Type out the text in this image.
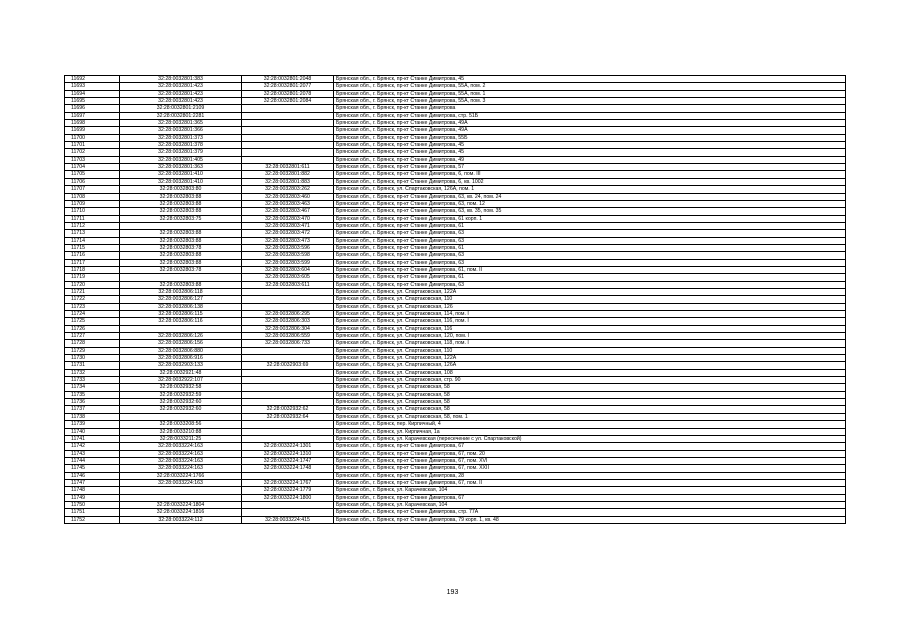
11692	32:28:0032801:383	32:28:0032801:2048	Брянская обл., г. Брянск, пр-кт Станке Димитрова, 45
11693	32:28:0032801:423	32:28:0032801:2077	Брянская обл., г. Брянск, пр-кт Станке Димитрова, 55А, пом. 2
11694	32:28:0032801:423	32:28:0032801:2078	Брянская обл., г. Брянск, пр-кт Станке Димитрова, 55А, пом. 1
11695	32:28:0032801:423	32:28:0032801:2084	Брянская обл., г. Брянск, пр-кт Станке Димитрова, 55А, пом. 3
11696	32:28:0032801:2109		Брянская обл., г. Брянск, пр-кт Станке Димитрова
11697	32:28:0032801:2281		Брянская обл., г. Брянск, пр-кт Станке Димитрова, стр. 51Б
11698	32:28:0032801:365		Брянская обл., г. Брянск, пр-кт Станке Димитрова, 49А
11699	32:28:0032801:366		Брянская обл., г. Брянск, пр-кт Станке Димитрова, 49А
11700	32:28:0032801:373		Брянская обл., г. Брянск, пр-кт Станке Димитрова, 55Б
11701	32:28:0032801:378		Брянская обл., г. Брянск, пр-кт Станке Димитрова, 45
11702	32:28:0032801:379		Брянская обл., г. Брянск, пр-кт Станке Димитрова, 45
11703	32:28:0032801:405		Брянская обл., г. Брянск, пр-кт Станке Димитрова, 49
11704	32:28:0032801:363	32:28:0032801:611	Брянская обл., г. Брянск, пр-кт Станке Димитрова, 57
11705	32:28:0032801:410	32:28:0032801:882	Брянская обл., г. Брянск, пр-кт Станке Димитрова, 6, пом. III
11706	32:28:0032801:410	32:28:0032801:883	Брянская обл., г. Брянск, пр-кт Станке Димитрова, 6, кв. 1002
11707	32:28:0032803:80	32:28:0032803:262	Брянская обл., г. Брянск, ул. Спартаковская, 126А, пом. 1
11708	32:28:0032803:88	32:28:0032803:460	Брянская обл., г. Брянск, пр-кт Станке Димитрова, 63, кв. 24, пом. 24
11709	32:28:0032803:88	32:28:0032803:463	Брянская обл., г. Брянск, пр-кт Станке Димитрова, 63, пом. 12
11710	32:28:0032803:88	32:28:0032803:467	Брянская обл., г. Брянск, пр-кт Станке Димитрова, 63, кв. 35, пом. 35
11711	32:28:0032803:75	32:28:0032803:470	Брянская обл., г. Брянск, пр-кт Станке Димитрова, 61 корп. 1
11712		32:28:0032803:471	Брянская обл., г. Брянск, пр-кт Станке Димитрова, 61
11713	32:28:0032803:88	32:28:0032803:472	Брянская обл., г. Брянск, пр-кт Станке Димитрова, 63
11714	32:28:0032803:88	32:28:0032803:473	Брянская обл., г. Брянск, пр-кт Станке Димитрова, 63
11715	32:28:0032803:78	32:28:0032803:596	Брянская обл., г. Брянск, пр-кт Станке Димитрова, 61
11716	32:28:0032803:88	32:28:0032803:598	Брянская обл., г. Брянск, пр-кт Станке Димитрова, 63
11717	32:28:0032803:88	32:28:0032803:599	Брянская обл., г. Брянск, пр-кт Станке Димитрова, 63
11718	32:28:0032803:78	32:28:0032803:604	Брянская обл., г. Брянск, пр-кт Станке Димитрова, 61, пом. II
11719		32:28:0032803:605	Брянская обл., г. Брянск, пр-кт Станке Димитрова, 61
11720	32:28:0032803:88	32:28:0032803:611	Брянская обл., г. Брянск, пр-кт Станке Димитрова, 63
11721	32:28:0032806:118		Брянская обл., г. Брянск, ул. Спартаковская, 122А
11722	32:28:0032806:127		Брянская обл., г. Брянск, ул. Спартаковская, 110
11723	32:28:0032806:138		Брянская обл., г. Брянск, ул. Спартаковская, 126
11724	32:28:0032806:115	32:28:0032806:295	Брянская обл., г. Брянск, ул. Спартаковская, 114, пом. I
11725	32:28:0032806:116	32:28:0032806:303	Брянская обл., г. Брянск, ул. Спартаковская, 116, пом. I
11726		32:28:0032806:304	Брянская обл., г. Брянск, ул. Спартаковская, 116
11727	32:28:0032806:126	32:28:0032806:559	Брянская обл., г. Брянск, ул. Спартаковская, 120, пом. I
11728	32:28:0032806:156	32:28:0032806:733	Брянская обл., г. Брянск, ул. Спартаковская, 118, пом. I
11729	32:28:0032806:880		Брянская обл., г. Брянск, ул. Спартаковская, 110
11730	32:28:0032806:916		Брянская обл., г. Брянск, ул. Спартаковская, 122А
11731	32:28:0032903:133	32:28:0032903:69	Брянская обл., г. Брянск, ул. Спартаковская, 126А
11732	32:28:0032921:48		Брянская обл., г. Брянск, ул. Спартаковская, 108
11733	32:28:0032922:107		Брянская обл., г. Брянск, ул. Спартаковская, стр. 90
11734	32:28:0032932:58		Брянская обл., г. Брянск, ул. Спартаковская, 58
11735	32:28:0032932:59		Брянская обл., г. Брянск, ул. Спартаковская, 58
11736	32:28:0032932:60		Брянская обл., г. Брянск, ул. Спартаковская, 58
11737	32:28:0032932:60	32:28:0032932:62	Брянская обл., г. Брянск, ул. Спартаковская, 58
11738		32:28:0032932:64	Брянская обл., г. Брянск, ул. Спартаковская, 58, пом. 1
11739	32:28:0033208:56		Брянская обл., г. Брянск, пер. Кирпичный, 4
11740	32:28:0033210:88		Брянская обл., г. Брянск, ул. Кирпичная, 1а
11741	32:28:0033211:25		Брянская обл., г. Брянск, ул. Карачевская (пересечение с ул. Спартаковской)
11742	32:28:0033224:163	32:28:0033224:1301	Брянская обл., г. Брянск, пр-кт Станке Димитрова, 67
11743	32:28:0033224:163	32:28:0033224:1310	Брянская обл., г. Брянск, пр-кт Станке Димитрова, 67, пом. 20
11744	32:28:0033224:163	32:28:0033224:1747	Брянская обл., г. Брянск, пр-кт Станке Димитрова, 67, пом. XVI
11745	32:28:0033224:163	32:28:0033224:1748	Брянская обл., г. Брянск, пр-кт Станке Димитрова, 67, пом. XXII
11746	32:28:0033224:1766		Брянская обл., г. Брянск, пр-кт Станке Димитрова, 28
11747	32:28:0033224:163	32:28:0033224:1767	Брянская обл., г. Брянск, пр-кт Станке Димитрова, 67, пом. II
11748		32:28:0033224:1779	Брянская обл., г. Брянск, ул. Карачевская, 104
11749		32:28:0033224:1800	Брянская обл., г. Брянск, пр-кт Станке Димитрова, 67
11750	32:28:0033224:1804		Брянская обл., г. Брянск, ул. Карачевская, 104
11751	32:28:0033224:1816		Брянская обл., г. Брянск, пр-кт Станке Димитрова, стр. 77А
11752	32:28:0033224:112	32:28:0033224:415	Брянская обл., г. Брянск, пр-кт Станке Димитрова, 79 корп. 1, кв. 48
193
